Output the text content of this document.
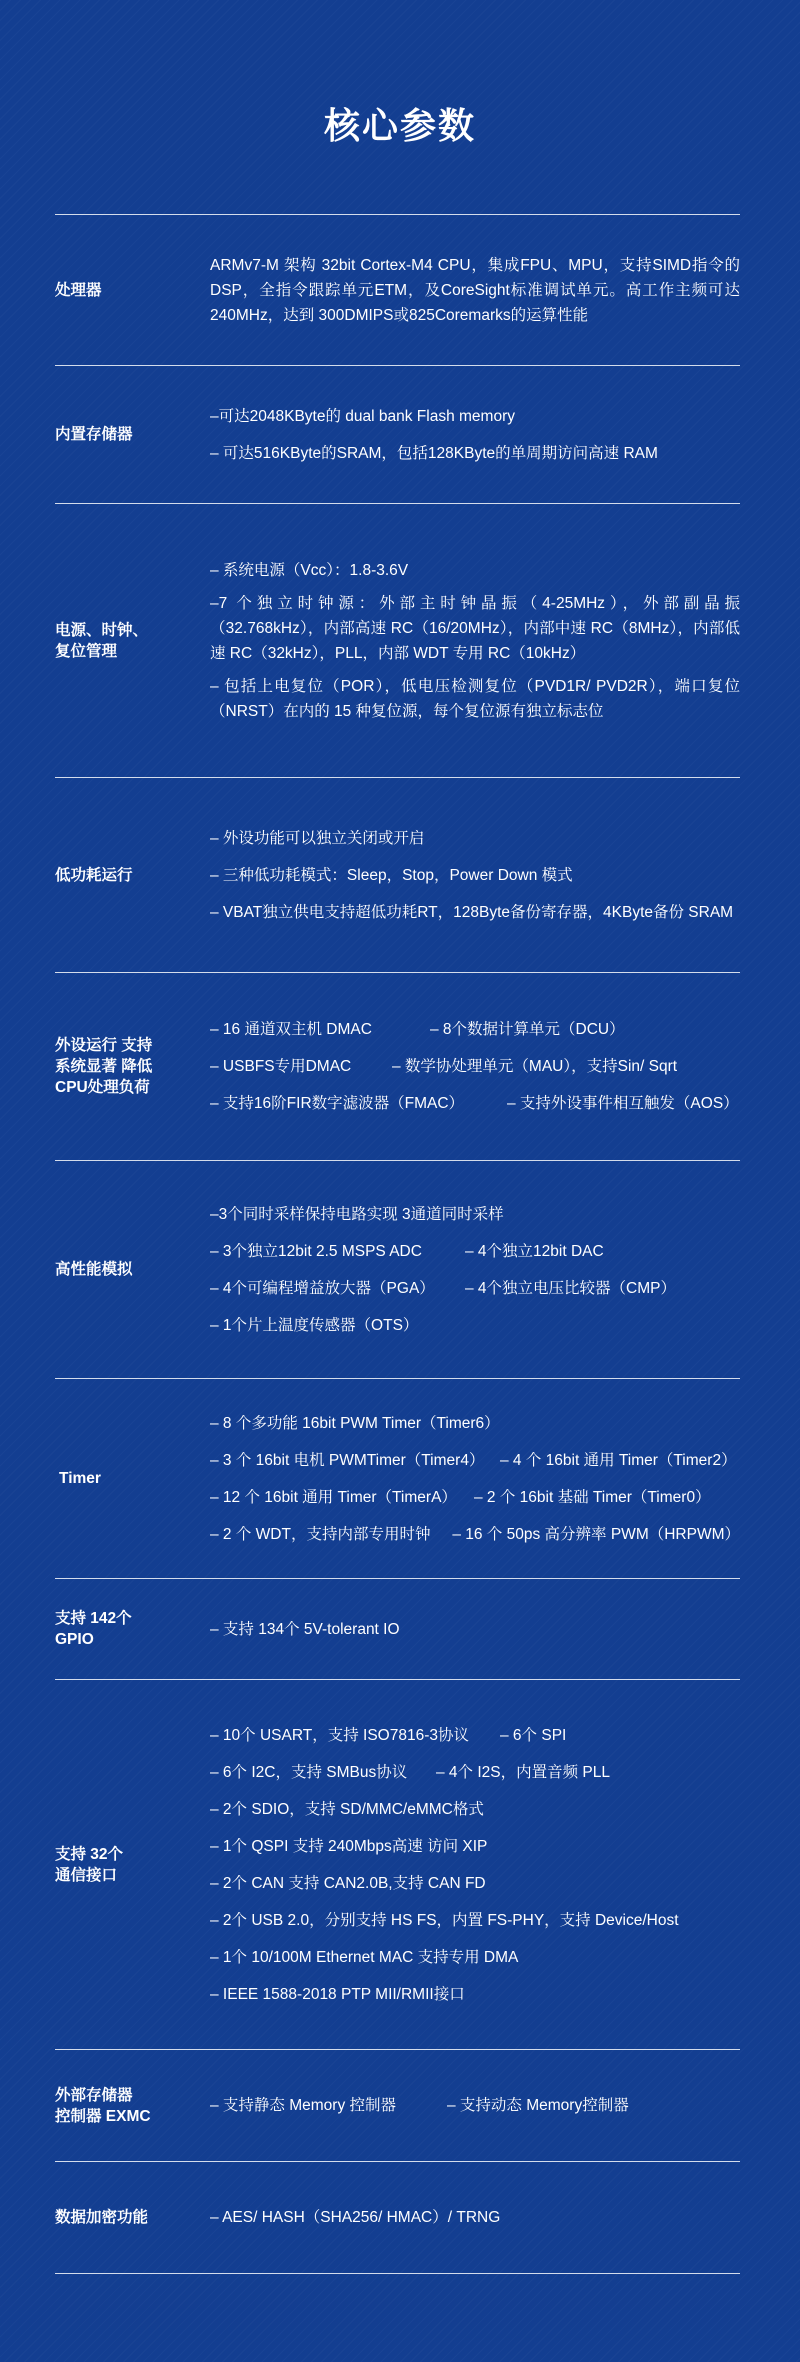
核心参数
处理器
ARMv7-M 架构 32bit Cortex-M4 CPU，集成FPU、MPU，支持SIMD指令的DSP，全指令跟踪单元ETM，及CoreSight标准调试单元。高工作主频可达 240MHz，达到 300DMIPS或825Coremarks的运算性能
内置存储器
–可达2048KByte的 dual bank Flash memory
– 可达516KByte的SRAM，包括128KByte的单周期访问高速 RAM
电源、时钟、
复位管理
– 系统电源（Vcc）：1.8-3.6V
–7 个独立时钟源：外部主时钟晶振（4-25MHz），外部副晶振（32.768kHz），内部高速 RC（16/20MHz），内部中速 RC（8MHz），内部低速 RC（32kHz），PLL，内部 WDT 专用 RC（10kHz）
– 包括上电复位（POR），低电压检测复位（PVD1R/ PVD2R），端口复位（NRST）在内的 15 种复位源，每个复位源有独立标志位
低功耗运行
– 外设功能可以独立关闭或开启
– 三种低功耗模式：Sleep，Stop，Power Down 模式
– VBAT独立供电支持超低功耗RT，128Byte备份寄存器，4KByte备份 SRAM
外设运行 支持
系统显著 降低
CPU处理负荷
– 16 通道双主机 DMAC	– 8个数据计算单元（DCU）
– USBFS专用DMAC	– 数学协处理单元（MAU），支持Sin/ Sqrt
– 支持16阶FIR数字滤波器（FMAC）	– 支持外设事件相互触发（AOS）
高性能模拟
–3个同时采样保持电路实现 3通道同时采样
– 3个独立12bit 2.5 MSPS ADC	– 4个独立12bit DAC
– 4个可编程增益放大器（PGA）	– 4个独立电压比较器（CMP）
– 1个片上温度传感器（OTS）
Timer
– 8 个多功能 16bit PWM Timer（Timer6）
– 3 个 16bit 电机 PWMTimer（Timer4）	– 4 个 16bit 通用 Timer（Timer2）
– 12 个 16bit 通用 Timer（TimerA）	– 2 个 16bit 基础 Timer（Timer0）
– 2 个 WDT，支持内部专用时钟	– 16 个 50ps 高分辨率 PWM（HRPWM）
支持 142个
GPIO
– 支持 134个 5V-tolerant IO
支持 32个
通信接口
– 10个 USART，支持 ISO7816-3协议	– 6个 SPI
– 6个 I2C，支持 SMBus协议	– 4个 I2S，内置音频 PLL
– 2个 SDIO，支持 SD/MMC/eMMC格式
– 1个 QSPI 支持 240Mbps高速 访问 XIP
– 2个 CAN 支持 CAN2.0B,支持 CAN FD
– 2个 USB 2.0，分别支持 HS FS，内置 FS-PHY，支持 Device/Host
– 1个 10/100M Ethernet MAC 支持专用 DMA
– IEEE 1588-2018 PTP MII/RMII接口
外部存储器
控制器 EXMC
– 支持静态 Memory 控制器	– 支持动态 Memory控制器
数据加密功能	– AES/ HASH（SHA256/ HMAC）/ TRNG
